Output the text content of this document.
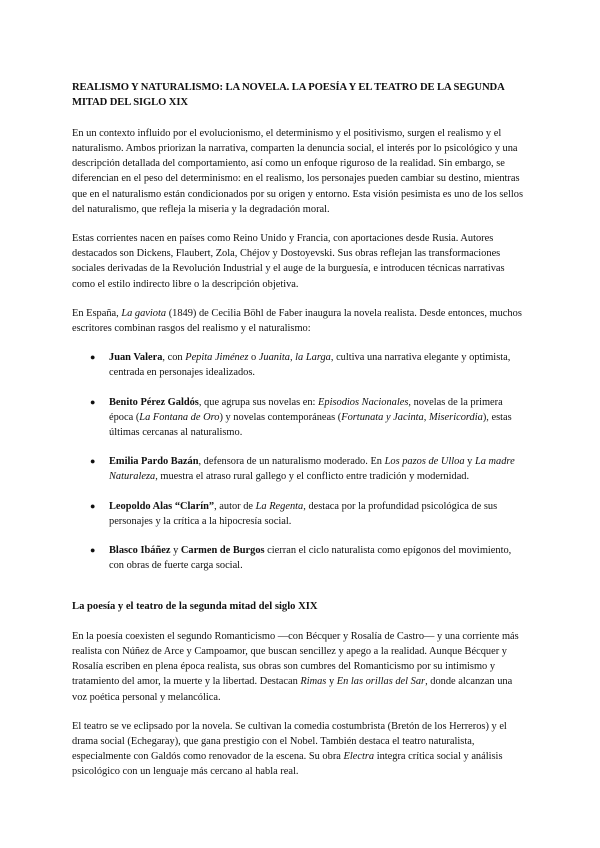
REALISMO Y NATURALISMO: LA NOVELA. LA POESÍA Y EL TEATRO DE LA SEGUNDA MITAD DEL SIGLO XIX

En un contexto influido por el evolucionismo, el determinismo y el positivismo, surgen el realismo y el naturalismo. Ambos priorizan la narrativa, comparten la denuncia social, el interés por lo psicológico y una descripción detallada del comportamiento, así como un enfoque riguroso de la realidad. Sin embargo, se diferencian en el peso del determinismo: en el realismo, los personajes pueden cambiar su destino, mientras que en el naturalismo están condicionados por su origen y entorno. Esta visión pesimista es uno de los sellos del naturalismo, que refleja la miseria y la degradación moral.

Estas corrientes nacen en países como Reino Unido y Francia, con aportaciones desde Rusia. Autores destacados son Dickens, Flaubert, Zola, Chéjov y Dostoyevski. Sus obras reflejan las transformaciones sociales derivadas de la Revolución Industrial y el auge de la burguesía, e introducen técnicas narrativas como el estilo indirecto libre o la descripción objetiva.

En España, La gaviota (1849) de Cecilia Böhl de Faber inaugura la novela realista. Desde entonces, muchos escritores combinan rasgos del realismo y el naturalismo:

● Juan Valera, con Pepita Jiménez o Juanita, la Larga, cultiva una narrativa elegante y optimista, centrada en personajes idealizados.
● Benito Pérez Galdós, que agrupa sus novelas en: Episodios Nacionales, novelas de la primera época (La Fontana de Oro) y novelas contemporáneas (Fortunata y Jacinta, Misericordia), estas últimas cercanas al naturalismo.
● Emilia Pardo Bazán, defensora de un naturalismo moderado. En Los pazos de Ulloa y La madre Naturaleza, muestra el atraso rural gallego y el conflicto entre tradición y modernidad.
● Leopoldo Alas “Clarín”, autor de La Regenta, destaca por la profundidad psicológica de sus personajes y la crítica a la hipocresía social.
● Blasco Ibáñez y Carmen de Burgos cierran el ciclo naturalista como epígonos del movimiento, con obras de fuerte carga social.
La poesía y el teatro de la segunda mitad del siglo XIX

En la poesía coexisten el segundo Romanticismo —con Bécquer y Rosalía de Castro— y una corriente más realista con Núñez de Arce y Campoamor, que buscan sencillez y apego a la realidad. Aunque Bécquer y Rosalía escriben en plena época realista, sus obras son cumbres del Romanticismo por su intimismo y tratamiento del amor, la muerte y la libertad. Destacan Rimas y En las orillas del Sar, donde alcanzan una voz poética personal y melancólica.

El teatro se ve eclipsado por la novela. Se cultivan la comedia costumbrista (Bretón de los Herreros) y el drama social (Echegaray), que gana prestigio con el Nobel. También destaca el teatro naturalista, especialmente con Galdós como renovador de la escena. Su obra Electra integra crítica social y análisis psicológico con un lenguaje más cercano al habla real.
